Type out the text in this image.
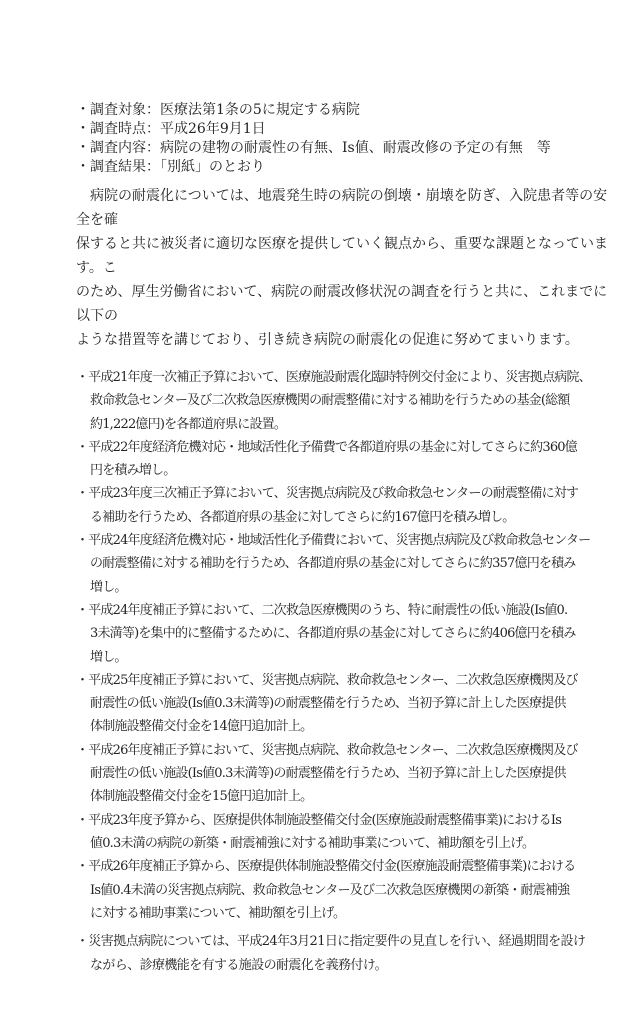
・調査対象：医療法第1条の5に規定する病院
・調査時点：平成26年9月1日
・調査内容：病院の建物の耐震性の有無、Is値、耐震改修の予定の有無　等
・調査結果：「別紙」のとおり
　病院の耐震化については、地震発生時の病院の倒壊・崩壊を防ぎ、入院患者等の安全を確
保すると共に被災者に適切な医療を提供していく観点から、重要な課題となっています。こ
のため、厚生労働省において、病院の耐震改修状況の調査を行うと共に、これまでに以下の
ような措置等を講じており、引き続き病院の耐震化の促進に努めてまいります。
・平成21年度一次補正予算において、医療施設耐震化臨時特例交付金により、災害拠点病院、
救命救急センター及び二次救急医療機関の耐震整備に対する補助を行うための基金(総額
約1,222億円)を各都道府県に設置。
・平成22年度経済危機対応・地域活性化予備費で各都道府県の基金に対してさらに約360億
円を積み増し。
・平成23年度三次補正予算において、災害拠点病院及び救命救急センターの耐震整備に対す
る補助を行うため、各都道府県の基金に対してさらに約167億円を積み増し。
・平成24年度経済危機対応・地域活性化予備費において、災害拠点病院及び救命救急センター
の耐震整備に対する補助を行うため、各都道府県の基金に対してさらに約357億円を積み
増し。
・平成24年度補正予算において、二次救急医療機関のうち、特に耐震性の低い施設(Is値0.
3未満等)を集中的に整備するために、各都道府県の基金に対してさらに約406億円を積み
増し。
・平成25年度補正予算において、災害拠点病院、救命救急センター、二次救急医療機関及び
耐震性の低い施設(Is値0.3未満等)の耐震整備を行うため、当初予算に計上した医療提供
体制施設整備交付金を14億円追加計上。
・平成26年度補正予算において、災害拠点病院、救命救急センター、二次救急医療機関及び
耐震性の低い施設(Is値0.3未満等)の耐震整備を行うため、当初予算に計上した医療提供
体制施設整備交付金を15億円追加計上。
・平成23年度予算から、医療提供体制施設整備交付金(医療施設耐震整備事業)におけるIs
値0.3未満の病院の新築・耐震補強に対する補助事業について、補助額を引上げ。
・平成26年度補正予算から、医療提供体制施設整備交付金(医療施設耐震整備事業)における
Is値0.4未満の災害拠点病院、救命救急センター及び二次救急医療機関の新築・耐震補強
に対する補助事業について、補助額を引上げ。
・災害拠点病院については、平成24年3月21日に指定要件の見直しを行い、経過期間を設け
ながら、診療機能を有する施設の耐震化を義務付け。
